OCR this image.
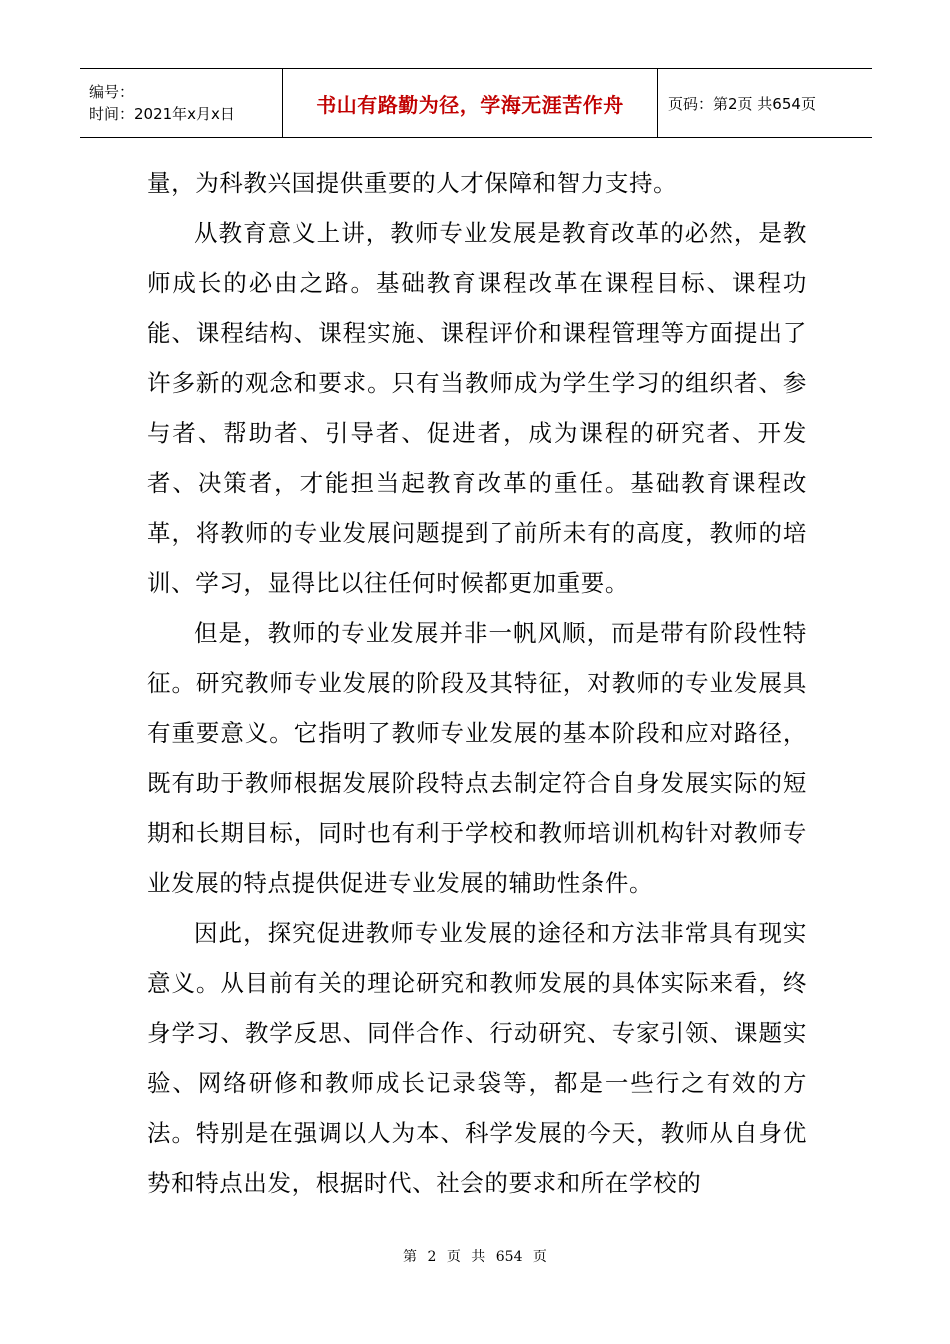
编号：
时间：2021年x月x日	书山有路勤为径，学海无涯苦作舟	页码：第2页 共654页

量，为科教兴国提供重要的人才保障和智力支持。

从教育意义上讲，教师专业发展是教育改革的必然，是教师成长的必由之路。基础教育课程改革在课程目标、课程功能、课程结构、课程实施、课程评价和课程管理等方面提出了许多新的观念和要求。只有当教师成为学生学习的组织者、参与者、帮助者、引导者、促进者，成为课程的研究者、开发者、决策者，才能担当起教育改革的重任。基础教育课程改革，将教师的专业发展问题提到了前所未有的高度，教师的培训、学习，显得比以往任何时候都更加重要。

但是，教师的专业发展并非一帆风顺，而是带有阶段性特征。研究教师专业发展的阶段及其特征，对教师的专业发展具有重要意义。它指明了教师专业发展的基本阶段和应对路径，既有助于教师根据发展阶段特点去制定符合自身发展实际的短期和长期目标，同时也有利于学校和教师培训机构针对教师专业发展的特点提供促进专业发展的辅助性条件。

因此，探究促进教师专业发展的途径和方法非常具有现实意义。从目前有关的理论研究和教师发展的具体实际来看，终身学习、教学反思、同伴合作、行动研究、专家引领、课题实验、网络研修和教师成长记录袋等，都是一些行之有效的方法。特别是在强调以人为本、科学发展的今天，教师从自身优势和特点出发，根据时代、社会的要求和所在学校的

第 2 页 共 654 页
